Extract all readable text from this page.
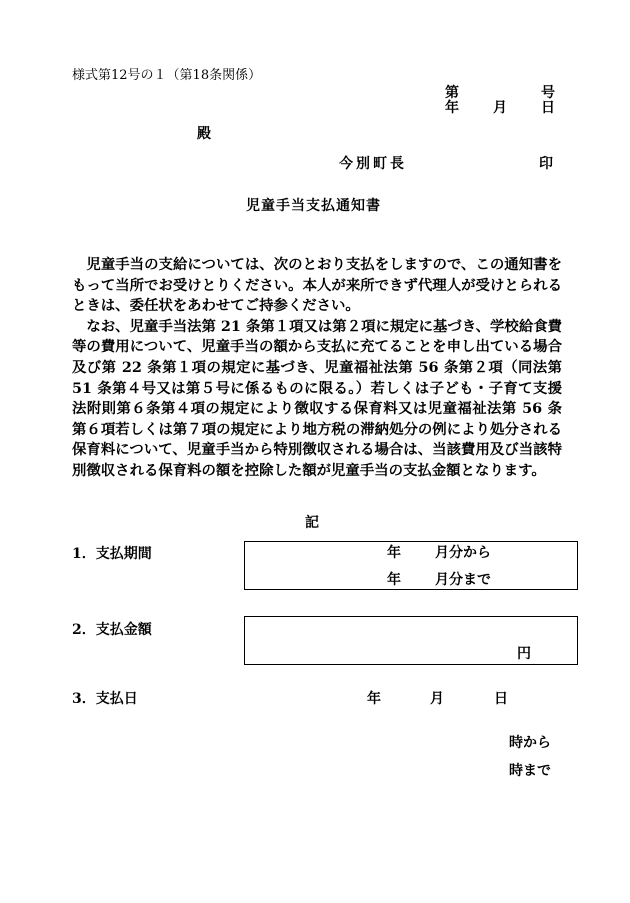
様式第12号の１（第18条関係）
第	号
年 月 日
殿
今別町長	印
児童手当支払通知書

児童手当の支給については、次のとおり支払をしますので、この通知書をもって当所でお受けとりください。本人が来所できず代理人が受けとられるときは、委任状をあわせてご持参ください。

なお、児童手当法第 21 条第１項又は第２項に規定に基づき、学校給食費等の費用について、児童手当の額から支払に充てることを申し出ている場合及び第 22 条第１項の規定に基づき、児童福祉法第 56 条第２項（同法第 51 条第４号又は第５号に係るものに限る。）若しくは子ども・子育て支援法附則第６条第４項の規定により徴収する保育料又は児童福祉法第 56 条第６項若しくは第７項の規定により地方税の滞納処分の例により処分される保育料について、児童手当から特別徴収される場合は、当該費用及び当該特別徴収される保育料の額を控除した額が児童手当の支払金額となります。

記
1．支払期間	年 月分から
年 月分まで
2．支払金額
円
3．支払日	年	月	日
時から
時まで
